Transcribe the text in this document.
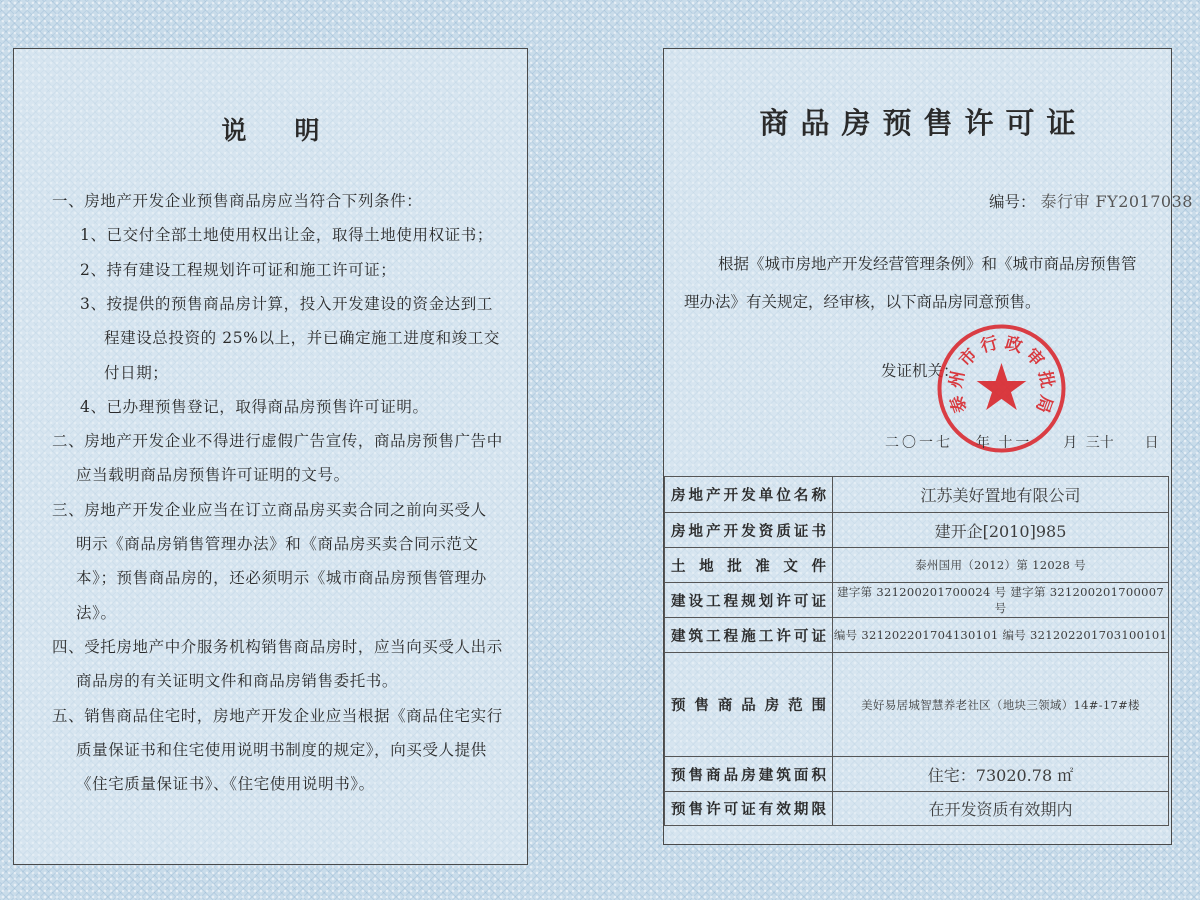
说明
一、房地产开发企业预售商品房应当符合下列条件：
1、已交付全部土地使用权出让金，取得土地使用权证书；
2、持有建设工程规划许可证和施工许可证；
3、按提供的预售商品房计算，投入开发建设的资金达到工
程建设总投资的 25%以上，并已确定施工进度和竣工交
付日期；
4、已办理预售登记，取得商品房预售许可证明。
二、房地产开发企业不得进行虚假广告宣传，商品房预售广告中
应当载明商品房预售许可证明的文号。
三、房地产开发企业应当在订立商品房买卖合同之前向买受人
明示《商品房销售管理办法》和《商品房买卖合同示范文
本》；预售商品房的，还必须明示《城市商品房预售管理办
法》。
四、受托房地产中介服务机构销售商品房时，应当向买受人出示
商品房的有关证明文件和商品房销售委托书。
五、销售商品住宅时，房地产开发企业应当根据《商品住宅实行
质量保证书和住宅使用说明书制度的规定》，向买受人提供
《住宅质量保证书》、《住宅使用说明书》。
商品房预售许可证
编号： 泰行审 FY2017038
根据《城市房地产开发经营管理条例》和《城市商品房预售管
理办法》有关规定，经审核，以下商品房同意预售。
发证机关：
泰
州
市
行 政
审
批
局
二〇一七 年 十一 月 三十 日
房地产开发单位名称	江苏美好置地有限公司
房地产开发资质证书	建开企[2010]985
土地批准文件	泰州国用（2012）第 12028 号
建设工程规划许可证	建字第 321200201700024 号 建字第 321200201700007 号
建筑工程施工许可证	编号 321202201704130101 编号 321202201703100101
预售商品房范围	美好易居城智慧养老社区（地块三领域）14#-17#楼
预售商品房建筑面积	住宅：73020.78 ㎡
预售许可证有效期限	在开发资质有效期内
